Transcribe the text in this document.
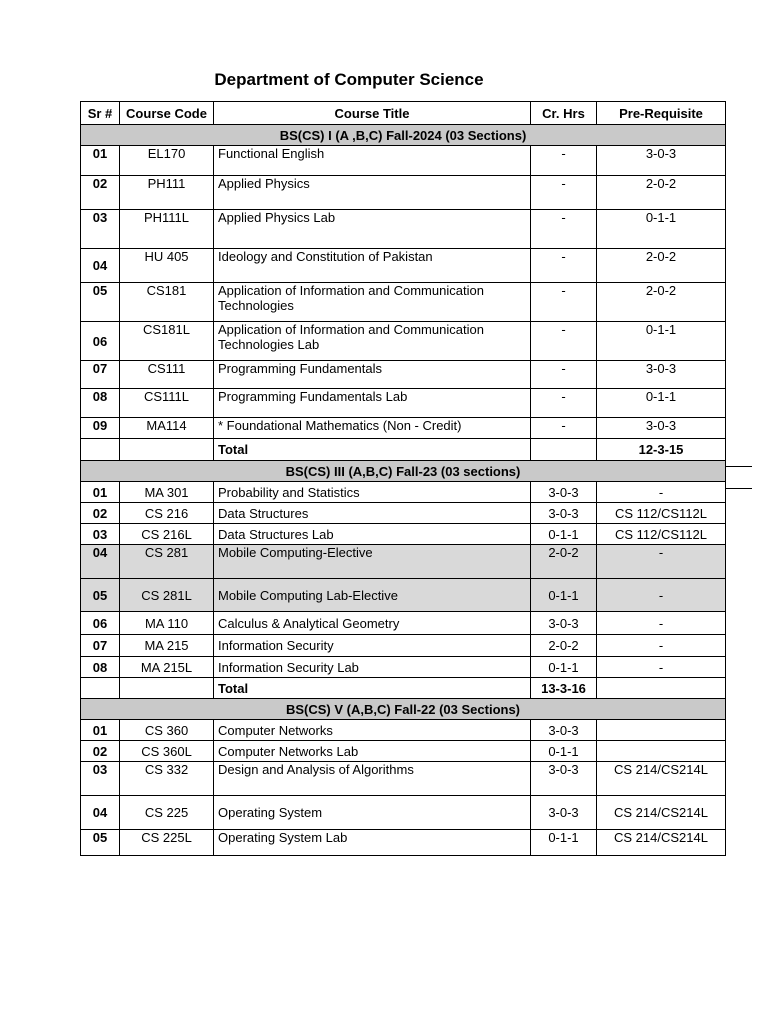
Department of Computer Science
Sr #	Course Code	Course Title	Cr. Hrs	Pre-Requisite
BS(CS) I (A ,B,C) Fall-2024 (03 Sections)				
01	EL170	Functional English	-	3-0-3
02	PH111	Applied Physics	-	2-0-2
03	PH111L	Applied Physics Lab	-	0-1-1
04	HU 405	Ideology and Constitution of Pakistan	-	2-0-2
05	CS181	Application of Information and Communication Technologies	-	2-0-2
06	CS181L	Application of Information and Communication Technologies Lab	-	0-1-1
07	CS111	Programming Fundamentals	-	3-0-3
08	CS111L	Programming Fundamentals Lab	-	0-1-1
09	MA114	* Foundational Mathematics (Non - Credit)	-	3-0-3
		Total		12-3-15
BS(CS) III (A,B,C) Fall-23 (03 sections)				
01	MA 301	Probability and Statistics	3-0-3	-
02	CS 216	Data Structures	3-0-3	CS 112/CS112L
03	CS 216L	Data Structures Lab	0-1-1	CS 112/CS112L
04	CS 281	Mobile Computing-Elective	2-0-2	-
05	CS 281L	Mobile Computing Lab-Elective	0-1-1	-
06	MA 110	Calculus & Analytical Geometry	3-0-3	-
07	MA 215	Information Security	2-0-2	-
08	MA 215L	Information Security Lab	0-1-1	-
		Total	13-3-16	
BS(CS) V (A,B,C) Fall-22 (03 Sections)				
01	CS 360	Computer Networks	3-0-3	
02	CS 360L	Computer Networks Lab	0-1-1	
03	CS 332	Design and Analysis of Algorithms	3-0-3	CS 214/CS214L
04	CS 225	Operating System	3-0-3	CS 214/CS214L
05	CS 225L	Operating System Lab	0-1-1	CS 214/CS214L
